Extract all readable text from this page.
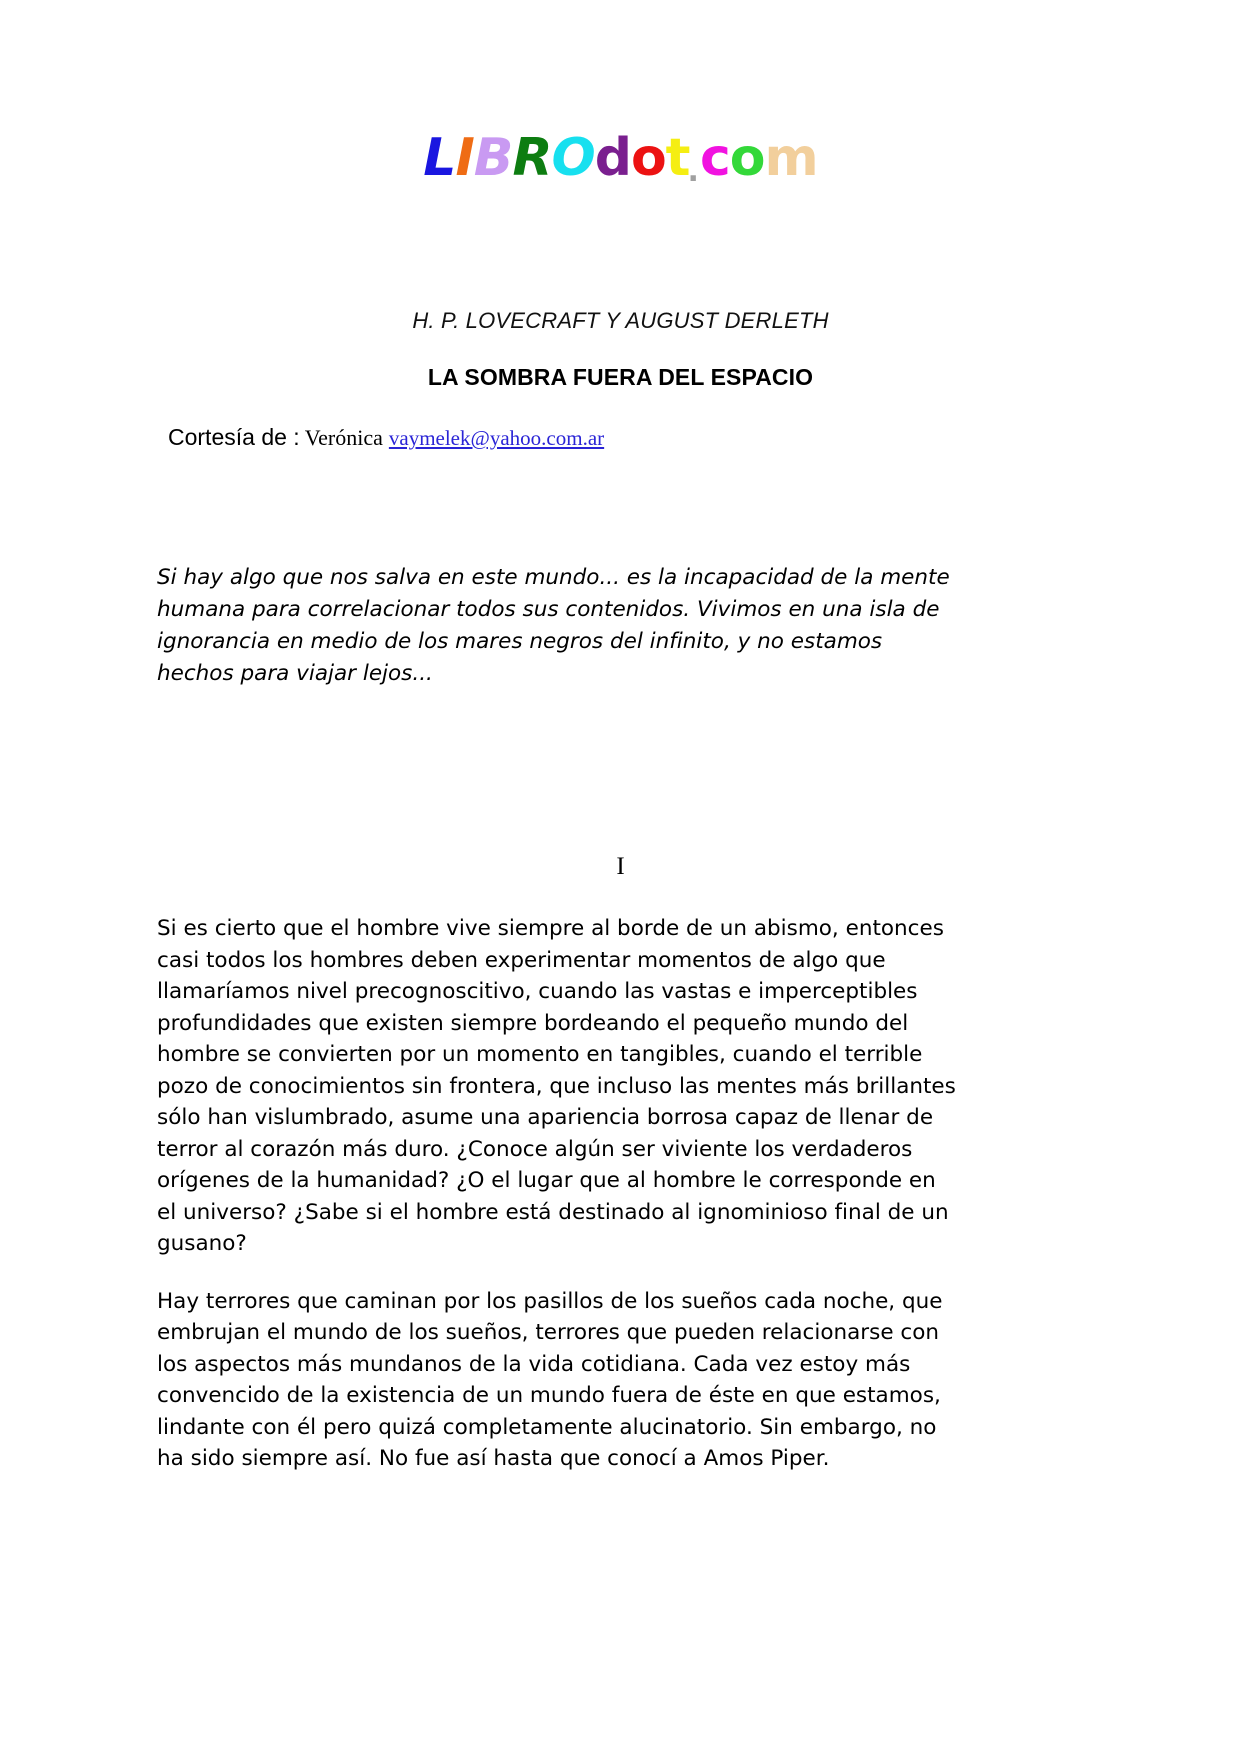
LIBROdot.com
H. P. LOVECRAFT Y AUGUST DERLETH
LA SOMBRA FUERA DEL ESPACIO
Cortesía de : Verónica vaymelek@yahoo.com.ar
Si hay algo que nos salva en este mundo... es la incapacidad de la mente humana para correlacionar todos sus contenidos. Vivimos en una isla de ignorancia en medio de los mares negros del infinito, y no estamos hechos para viajar lejos...
I

Si es cierto que el hombre vive siempre al borde de un abismo, entonces casi todos los hombres deben experimentar momentos de algo que llamaríamos nivel precognoscitivo, cuando las vastas e imperceptibles profundidades que existen siempre bordeando el pequeño mundo del hombre se convierten por un momento en tangibles, cuando el terrible pozo de conocimientos sin frontera, que incluso las mentes más brillantes sólo han vislumbrado, asume una apariencia borrosa capaz de llenar de terror al corazón más duro. ¿Conoce algún ser viviente los verdaderos orígenes de la humanidad? ¿O el lugar que al hombre le corresponde en el universo? ¿Sabe si el hombre está destinado al ignominioso final de un gusano?

Hay terrores que caminan por los pasillos de los sueños cada noche, que embrujan el mundo de los sueños, terrores que pueden relacionarse con los aspectos más mundanos de la vida cotidiana. Cada vez estoy más convencido de la existencia de un mundo fuera de éste en que estamos, lindante con él pero quizá completamente alucinatorio. Sin embargo, no ha sido siempre así. No fue así hasta que conocí a Amos Piper.
